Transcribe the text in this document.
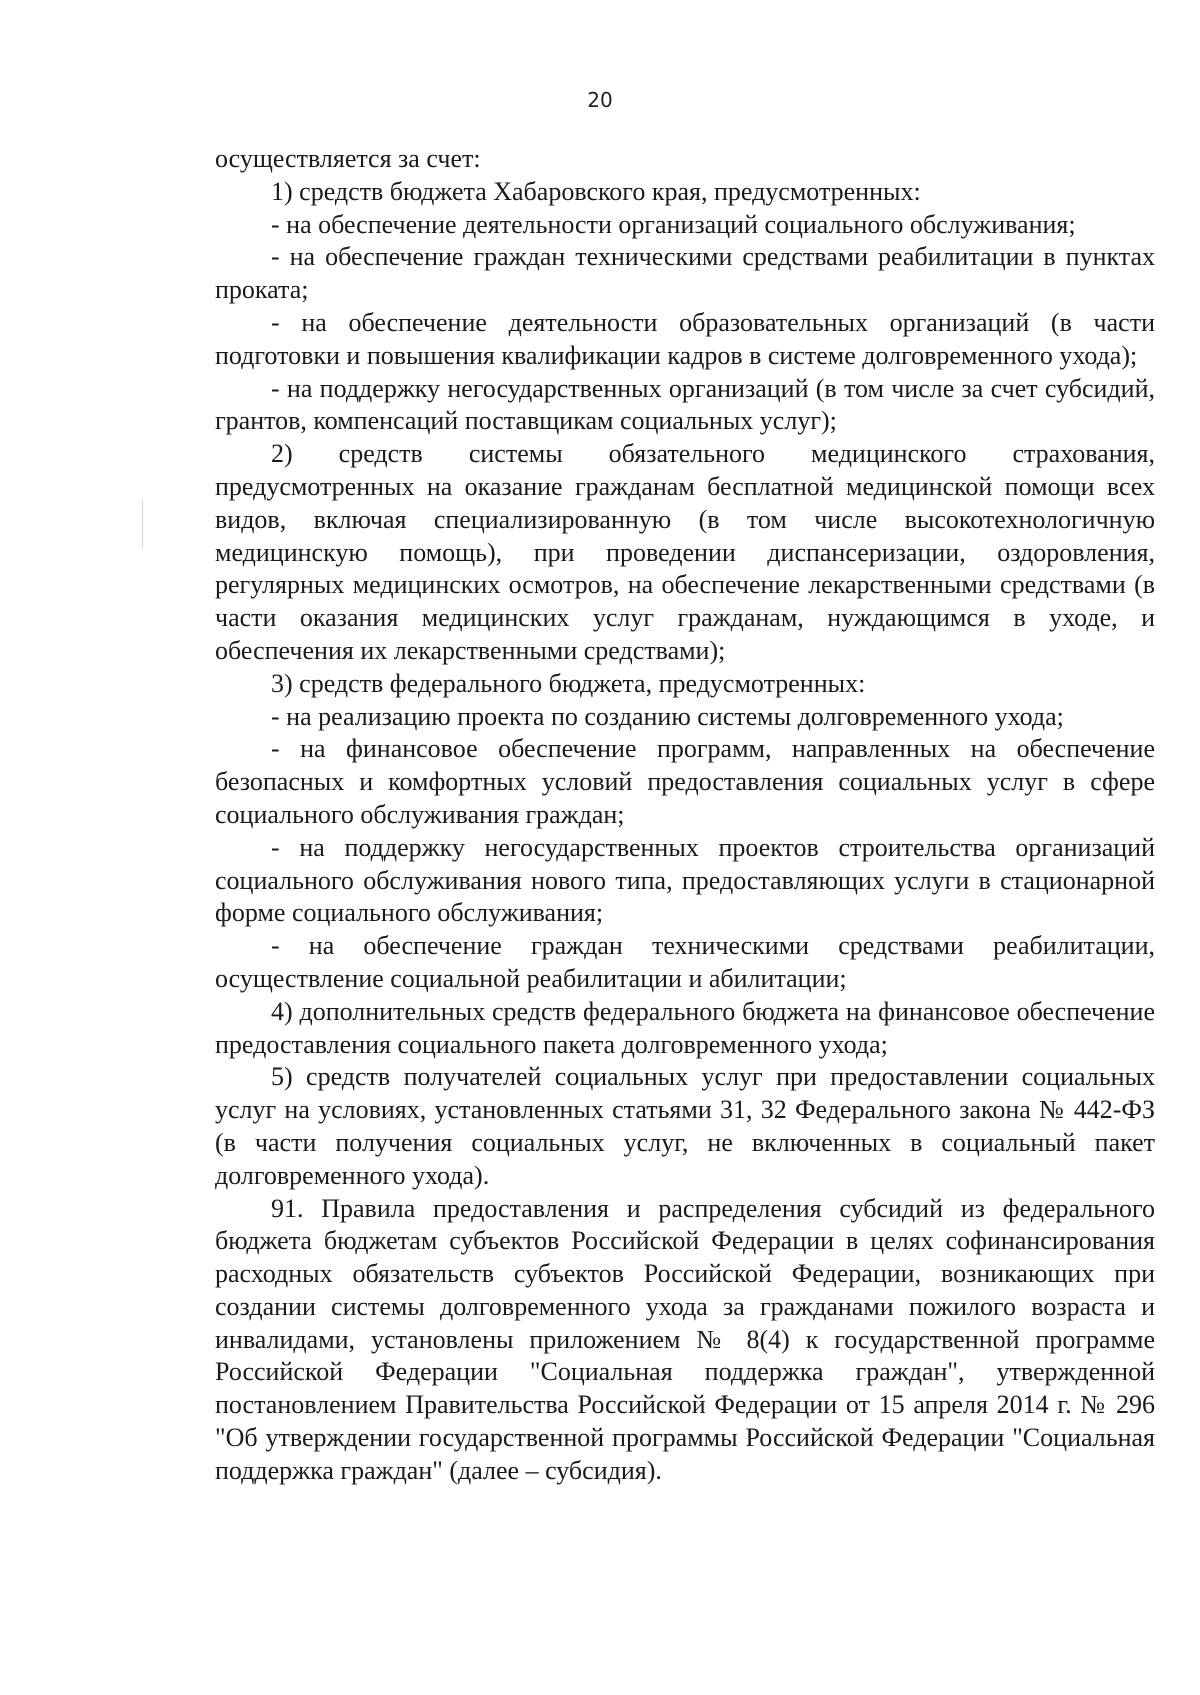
20

осуществляется за счет:

1) средств бюджета Хабаровского края, предусмотренных:

- на обеспечение деятельности организаций социального обслуживания;

- на обеспечение граждан техническими средствами реабилитации в пунктах проката;

- на обеспечение деятельности образовательных организаций (в части подготовки и повышения квалификации кадров в системе долговременного ухода);

- на поддержку негосударственных организаций (в том числе за счет субсидий, грантов, компенсаций поставщикам социальных услуг);

2) средств системы обязательного медицинского страхования, предусмотренных на оказание гражданам бесплатной медицинской помощи всех видов, включая специализированную (в том числе высокотехнологичную медицинскую помощь), при проведении диспансеризации, оздоровления, регулярных медицинских осмотров, на обеспечение лекарственными средствами (в части оказания медицинских услуг гражданам, нуждающимся в уходе, и обеспечения их лекарственными средствами);

3) средств федерального бюджета, предусмотренных:

- на реализацию проекта по созданию системы долговременного ухода;

- на финансовое обеспечение программ, направленных на обеспечение безопасных и комфортных условий предоставления социальных услуг в сфере социального обслуживания граждан;

- на поддержку негосударственных проектов строительства организаций социального обслуживания нового типа, предоставляющих услуги в стационарной форме социального обслуживания;

- на обеспечение граждан техническими средствами реабилитации, осуществление социальной реабилитации и абилитации;

4) дополнительных средств федерального бюджета на финансовое обеспечение предоставления социального пакета долговременного ухода;

5) средств получателей социальных услуг при предоставлении социальных услуг на условиях, установленных статьями 31, 32 Федерального закона № 442-ФЗ (в части получения социальных услуг, не включенных в социальный пакет долговременного ухода).

91. Правила предоставления и распределения субсидий из федерального бюджета бюджетам субъектов Российской Федерации в целях софинансирования расходных обязательств субъектов Российской Федерации, возникающих при создании системы долговременного ухода за гражданами пожилого возраста и инвалидами, установлены приложением № 8(4) к государственной программе Российской Федерации "Социальная поддержка граждан", утвержденной постановлением Правительства Российской Федерации от 15 апреля 2014 г. № 296 "Об утверждении государственной программы Российской Федерации "Социальная поддержка граждан" (далее – субсидия).
